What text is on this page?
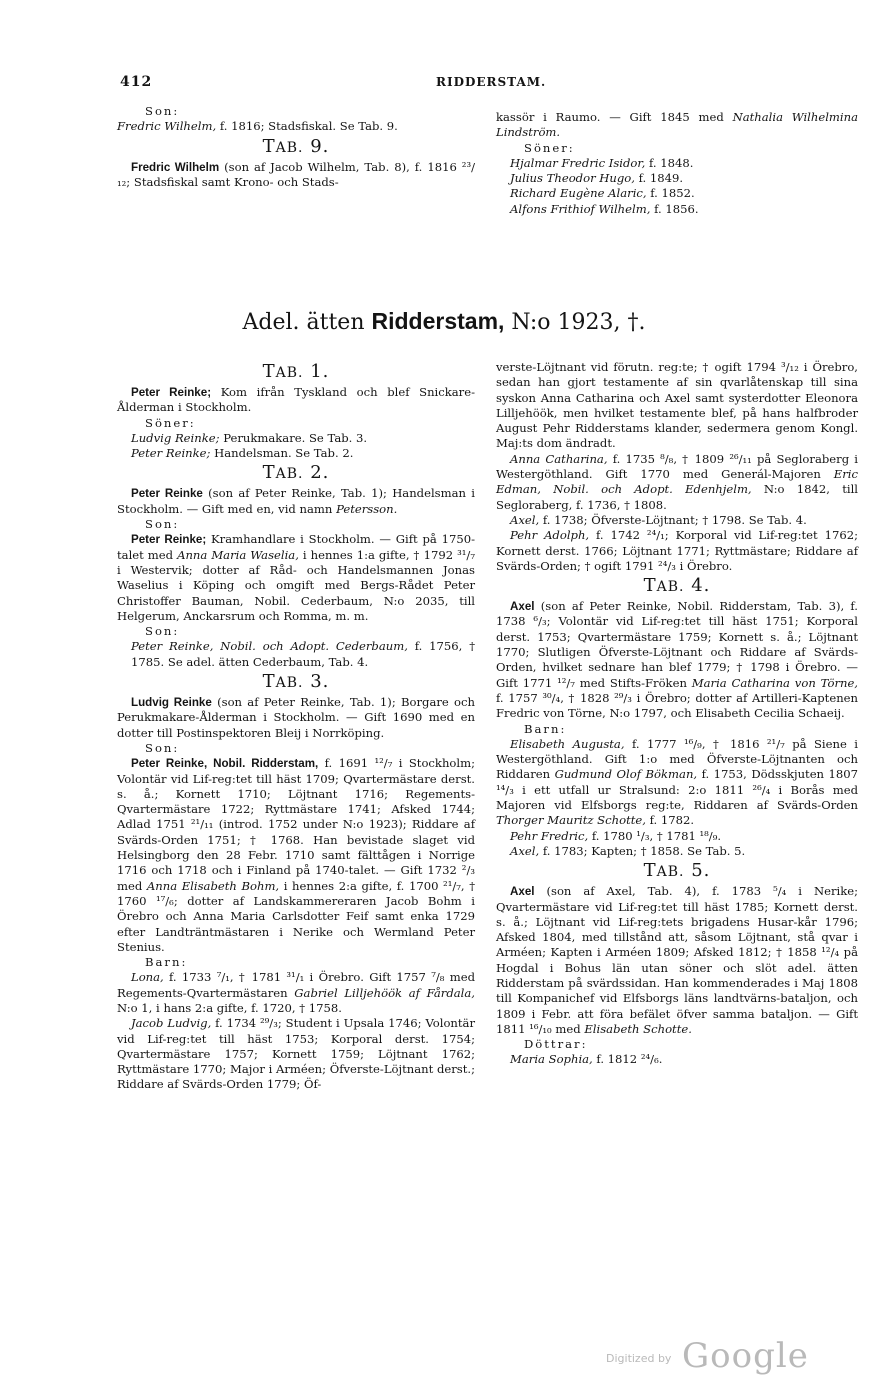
412	RIDDERSTAM.

Son:

Fredric Wilhelm, f. 1816; Stadsfiskal. Se Tab. 9.

TAB. 9.

Fredric Wilhelm (son af Jacob Wilhelm, Tab. 8), f. 1816 ²³/₁₂; Stadsfiskal samt Krono- och Stads-

kassör i Raumo. — Gift 1845 med Nathalia Wilhelmina Lindström.

Söner:

Hjalmar Fredric Isidor, f. 1848.

Julius Theodor Hugo, f. 1849.

Richard Eugène Alaric, f. 1852.

Alfons Frithiof Wilhelm, f. 1856.

Adel. ätten Ridderstam, N:o 1923, †.

TAB. 1.

Peter Reinke; Kom ifrån Tyskland och blef Snickare-Ålderman i Stockholm.

Söner:

Ludvig Reinke; Perukmakare. Se Tab. 3.

Peter Reinke; Handelsman. Se Tab. 2.

TAB. 2.

Peter Reinke (son af Peter Reinke, Tab. 1); Handelsman i Stockholm. — Gift med en, vid namn Petersson.

Son:

Peter Reinke; Kramhandlare i Stockholm. — Gift på 1750-talet med Anna Maria Waselia, i hennes 1:a gifte, † 1792 ³¹/₇ i Westervik; dotter af Råd- och Handelsmannen Jonas Waselius i Köping och omgift med Bergs-Rådet Peter Christoffer Bauman, Nobil. Cederbaum, N:o 2035, till Helgerum, Anckarsrum och Romma, m. m.

Son:

Peter Reinke, Nobil. och Adopt. Cederbaum, f. 1756, † 1785. Se adel. ätten Cederbaum, Tab. 4.

TAB. 3.

Ludvig Reinke (son af Peter Reinke, Tab. 1); Borgare och Perukmakare-Ålderman i Stockholm. — Gift 1690 med en dotter till Postinspektoren Bleij i Norrköping.

Son:

Peter Reinke, Nobil. Ridderstam, f. 1691 ¹²/₇ i Stockholm; Volontär vid Lif-reg:tet till häst 1709; Qvartermästare derst. s. å.; Kornett 1710; Löjtnant 1716; Regements-Qvartermästare 1722; Ryttmästare 1741; Afsked 1744; Adlad 1751 ²¹/₁₁ (introd. 1752 under N:o 1923); Riddare af Svärds-Orden 1751; † 1768. Han bevistade slaget vid Helsingborg den 28 Febr. 1710 samt fälttågen i Norrige 1716 och 1718 och i Finland på 1740-talet. — Gift 1732 ²/₃ med Anna Elisabeth Bohm, i hennes 2:a gifte, f. 1700 ²¹/₇, † 1760 ¹⁷/₆; dotter af Landskammereraren Jacob Bohm i Örebro och Anna Maria Carlsdotter Feif samt enka 1729 efter Landträntmästaren i Nerike och Wermland Peter Stenius.

Barn:

Lona, f. 1733 ⁷/₁, † 1781 ³¹/₁ i Örebro. Gift 1757 ⁷/₈ med Regements-Qvartermästaren Gabriel Lilljehöök af Fårdala, N:o 1, i hans 2:a gifte, f. 1720, † 1758.

Jacob Ludvig, f. 1734 ²⁹/₃; Student i Upsala 1746; Volontär vid Lif-reg:tet till häst 1753; Korporal derst. 1754; Qvartermästare 1757; Kornett 1759; Löjtnant 1762; Ryttmästare 1770; Major i Arméen; Öfverste-Löjtnant derst.; Riddare af Svärds-Orden 1779; Öf-

verste-Löjtnant vid förutn. reg:te; † ogift 1794 ³/₁₂ i Örebro, sedan han gjort testamente af sin qvarlåtenskap till sina syskon Anna Catharina och Axel samt systerdotter Eleonora Lilljehöök, men hvilket testamente blef, på hans halfbroder August Pehr Ridderstams klander, sedermera genom Kongl. Maj:ts dom ändradt.

Anna Catharina, f. 1735 ⁸/₈, † 1809 ²⁶/₁₁ på Segloraberg i Westergöthland. Gift 1770 med Generál-Majoren Eric Edman, Nobil. och Adopt. Edenhjelm, N:o 1842, till Segloraberg, f. 1736, † 1808.

Axel, f. 1738; Öfverste-Löjtnant; † 1798. Se Tab. 4.

Pehr Adolph, f. 1742 ²⁴/₁; Korporal vid Lif-reg:tet 1762; Kornett derst. 1766; Löjtnant 1771; Ryttmästare; Riddare af Svärds-Orden; † ogift 1791 ²⁴/₃ i Örebro.

TAB. 4.

Axel (son af Peter Reinke, Nobil. Ridderstam, Tab. 3), f. 1738 ⁶/₃; Volontär vid Lif-reg:tet till häst 1751; Korporal derst. 1753; Qvartermästare 1759; Kornett s. å.; Löjtnant 1770; Slutligen Öfverste-Löjtnant och Riddare af Svärds-Orden, hvilket sednare han blef 1779; † 1798 i Örebro. — Gift 1771 ¹²/₇ med Stifts-Fröken Maria Catharina von Törne, f. 1757 ³⁰/₄, † 1828 ²⁹/₃ i Örebro; dotter af Artilleri-Kaptenen Fredric von Törne, N:o 1797, och Elisabeth Cecilia Schaeij.

Barn:

Elisabeth Augusta, f. 1777 ¹⁶/₉, † 1816 ²¹/₇ på Siene i Westergöthland. Gift 1:o med Öfverste-Löjtnanten och Riddaren Gudmund Olof Bökman, f. 1753, Dödsskjuten 1807 ¹⁴/₃ i ett utfall ur Stralsund: 2:o 1811 ²⁶/₄ i Borås med Majoren vid Elfsborgs reg:te, Riddaren af Svärds-Orden Thorger Mauritz Schotte, f. 1782.

Pehr Fredric, f. 1780 ¹/₃, † 1781 ¹⁸/₉.

Axel, f. 1783; Kapten; † 1858. Se Tab. 5.

TAB. 5.

Axel (son af Axel, Tab. 4), f. 1783 ⁵/₄ i Nerike; Qvartermästare vid Lif-reg:tet till häst 1785; Kornett derst. s. å.; Löjtnant vid Lif-reg:tets brigadens Husar-kår 1796; Afsked 1804, med tillstånd att, såsom Löjtnant, stå qvar i Arméen; Kapten i Arméen 1809; Afsked 1812; † 1858 ¹²/₄ på Hogdal i Bohus län utan söner och slöt adel. ätten Ridderstam på svärdssidan. Han kommenderades i Maj 1808 till Kompanichef vid Elfsborgs läns landtvärns-bataljon, och 1809 i Febr. att föra befälet öfver samma bataljon. — Gift 1811 ¹⁶/₁₀ med Elisabeth Schotte.

Döttrar:

Maria Sophia, f. 1812 ²⁴/₆.

Digitized by Google
